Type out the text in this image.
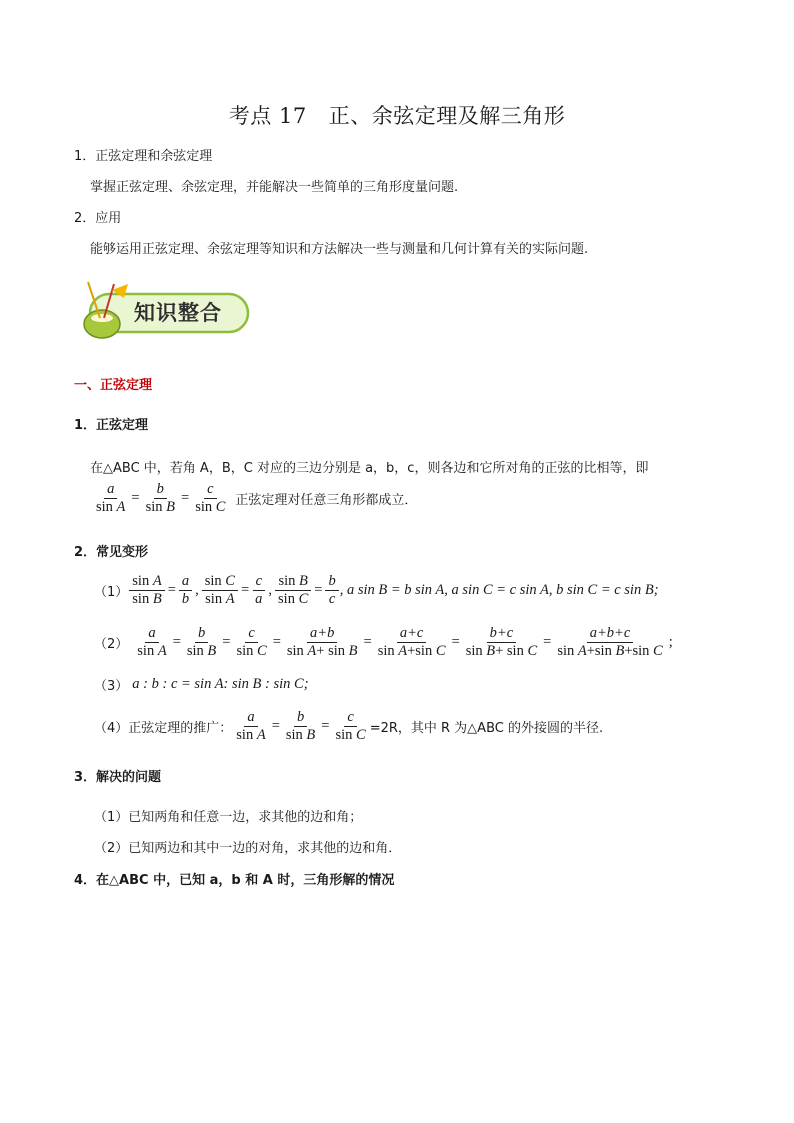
考点 17 正、余弦定理及解三角形
1．正弦定理和余弦定理
掌握正弦定理、余弦定理，并能解决一些简单的三角形度量问题.
2．应用
能够运用正弦定理、余弦定理等知识和方法解决一些与测量和几何计算有关的实际问题.
知识整合
一、正弦定理
1．正弦定理
在△ABC 中，若角 A，B，C 对应的三边分别是 a，b，c，则各边和它所对角的正弦的比相等，即
$\frac{a}{\text{sin A}} = \frac{b}{\text{sin B}} = \frac{c}{\text{sin C}}$ 正弦定理对任意三角形都成立．
2．常见变形
$(1) \frac{\text{sin A}}{\text{sin B}} = \frac{a}{b}$ , $\frac{\text{sin C}}{\text{sin A}} = \frac{c}{a}$ , $\frac{\text{sin B}}{\text{sin C}} = \frac{b}{c}$ , a sin B = b sin A, a sin C = c sin A, b sin C = c sin B;
$(2) \frac{a}{\text{sin A}} = \frac{b}{\text{sin B}} = \frac{c}{\text{sin C}} = \frac{a+b}{\text{sin A+ sin B}} = \frac{a+c}{\text{sin A+sin C}} = \frac{b+c}{\text{sin B+ sin C}} = \frac{a+b+c}{\text{sin A+sin B+sin C}}$ ;
（3） a : b : c = sin A: sin B : sin C;
（4）正弦定理的推广： $\frac{a}{\text{sin A}} = \frac{b}{\text{sin B}} = \frac{c}{\text{sin C}} =2R$，其中 R 为△ABC 的外接圆的半径.
3．解决的问题
（1）已知两角和任意一边，求其他的边和角；
（2）已知两边和其中一边的对角，求其他的边和角．
4．在△ABC 中，已知 a，b 和 A 时，三角形解的情况
